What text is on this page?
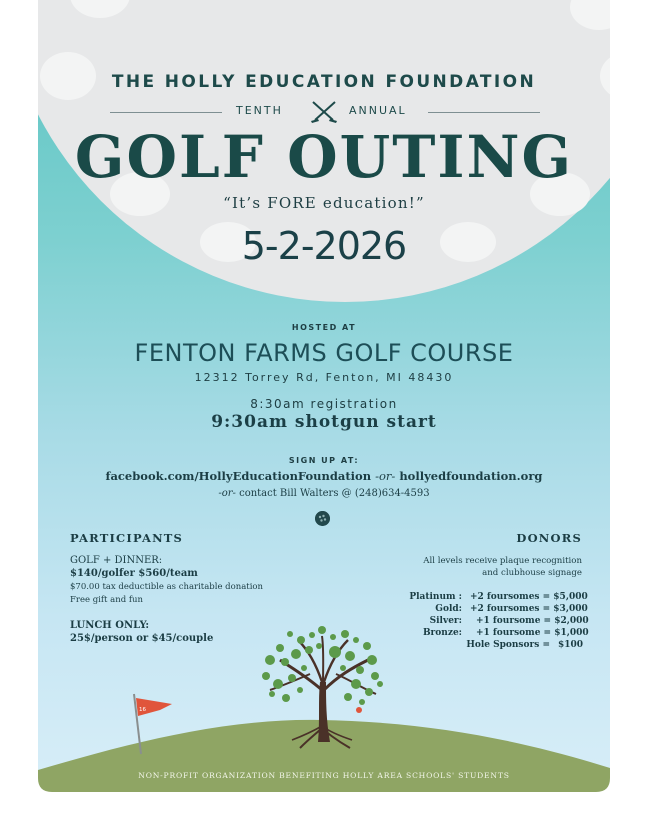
THE HOLLY EDUCATION FOUNDATION
TENTH	ANNUAL
GOLF OUTING
“It’s FORE education!”
5-2-2026
HOSTED AT
FENTON FARMS GOLF COURSE
12312 Torrey Rd, Fenton, MI 48430
8:30am registration
9:30am shotgun start
SIGN UP AT:
facebook.com/HollyEducationFoundation -or- hollyedfoundation.org
-or- contact Bill Walters @ (248)634-4593
PARTICIPANTS
GOLF + DINNER:
$140/golfer $560/team
$70.00 tax deductible as charitable donation
Free gift and fun
LUNCH ONLY:
25$/person or $45/couple
DONORS
All levels receive plaque recognition
and clubhouse signage
Platinum : +2 foursomes = $5,000
Gold: +2 foursomes = $3,000
Silver: +1 foursome = $2,000
Bronze: +1 foursome = $1,000
Hole Sponsors = $100
16
NON-PROFIT ORGANIZATION BENEFITING HOLLY AREA SCHOOLS' STUDENTS
